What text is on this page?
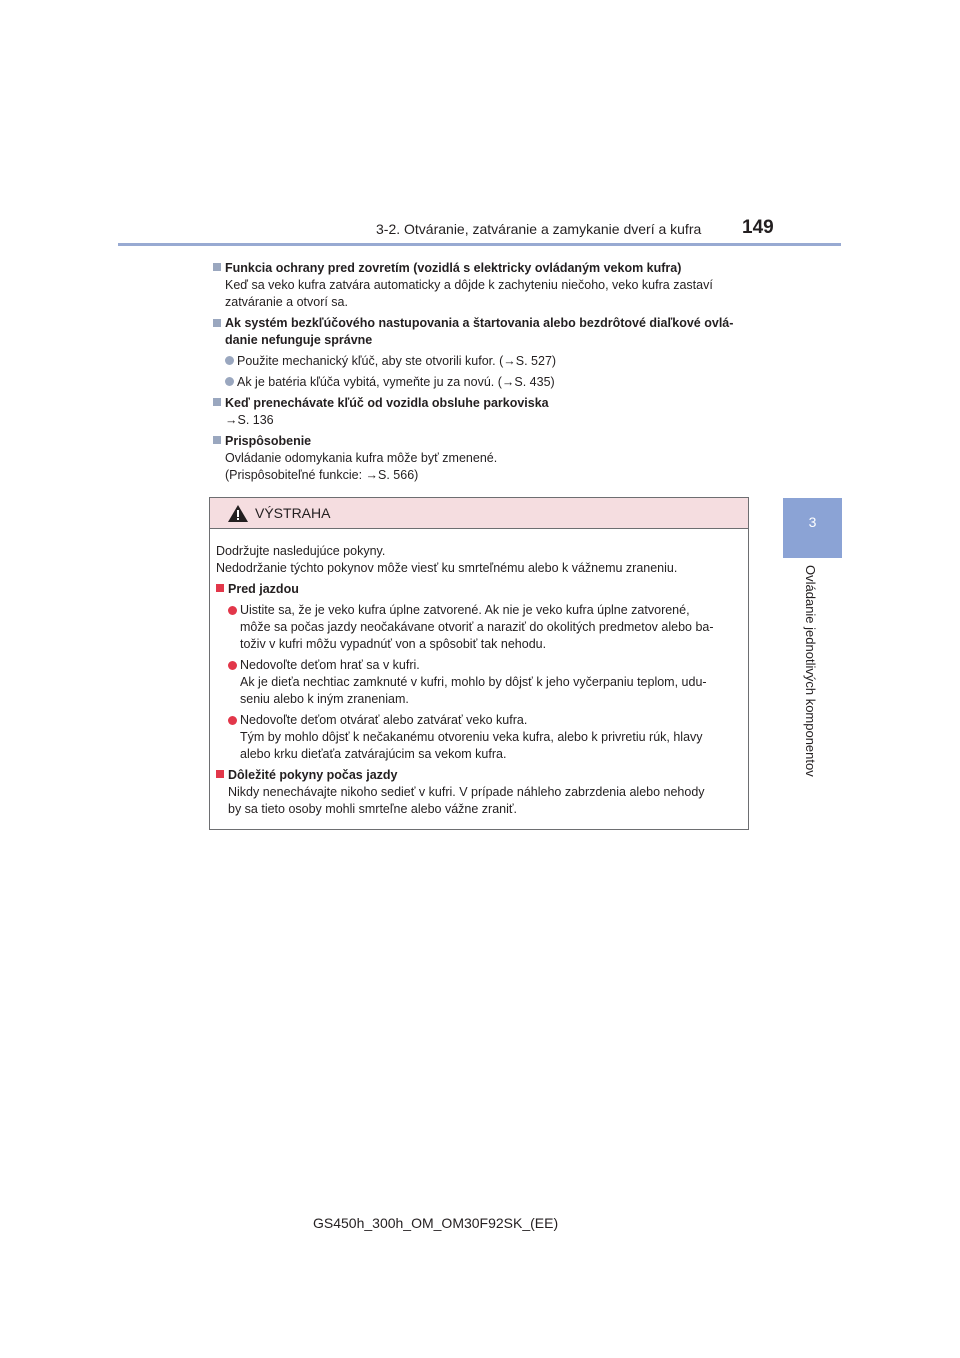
3-2. Otváranie, zatváranie a zamykanie dverí a kufra 149
3
Ovládanie jednotlivých komponentov
Funkcia ochrany pred zovretím (vozidlá s elektricky ovládaným vekom kufra)
Keď sa veko kufra zatvára automaticky a dôjde k zachyteniu niečoho, veko kufra zastaví
zatváranie a otvorí sa.
Ak systém bezkľúčového nastupovania a štartovania alebo bezdrôtové diaľkové ovlá-
danie nefunguje správne
Použite mechanický kľúč, aby ste otvorili kufor. (→S. 527)
Ak je batéria kľúča vybitá, vymeňte ju za novú. (→S. 435)
Keď prenechávate kľúč od vozidla obsluhe parkoviska
→S. 136
Prispôsobenie
Ovládanie odomykania kufra môže byť zmenené.
(Prispôsobiteľné funkcie: →S. 566)
VÝSTRAHA
Dodržujte nasledujúce pokyny.
Nedodržanie týchto pokynov môže viesť ku smrteľnému alebo k vážnemu zraneniu.
Pred jazdou
Uistite sa, že je veko kufra úplne zatvorené. Ak nie je veko kufra úplne zatvorené,
môže sa počas jazdy neočakávane otvoriť a naraziť do okolitých predmetov alebo ba-
toživ v kufri môžu vypadnúť von a spôsobiť tak nehodu.
Nedovoľte deťom hrať sa v kufri.
Ak je dieťa nechtiac zamknuté v kufri, mohlo by dôjsť k jeho vyčerpaniu teplom, udu-
seniu alebo k iným zraneniam.
Nedovoľte deťom otvárať alebo zatvárať veko kufra.
Tým by mohlo dôjsť k nečakanému otvoreniu veka kufra, alebo k privretiu rúk, hlavy
alebo krku dieťaťa zatvárajúcim sa vekom kufra.
Dôležité pokyny počas jazdy
Nikdy nenechávajte nikoho sedieť v kufri. V prípade náhleho zabrzdenia alebo nehody
by sa tieto osoby mohli smrteľne alebo vážne zraniť.
GS450h_300h_OM_OM30F92SK_(EE)
